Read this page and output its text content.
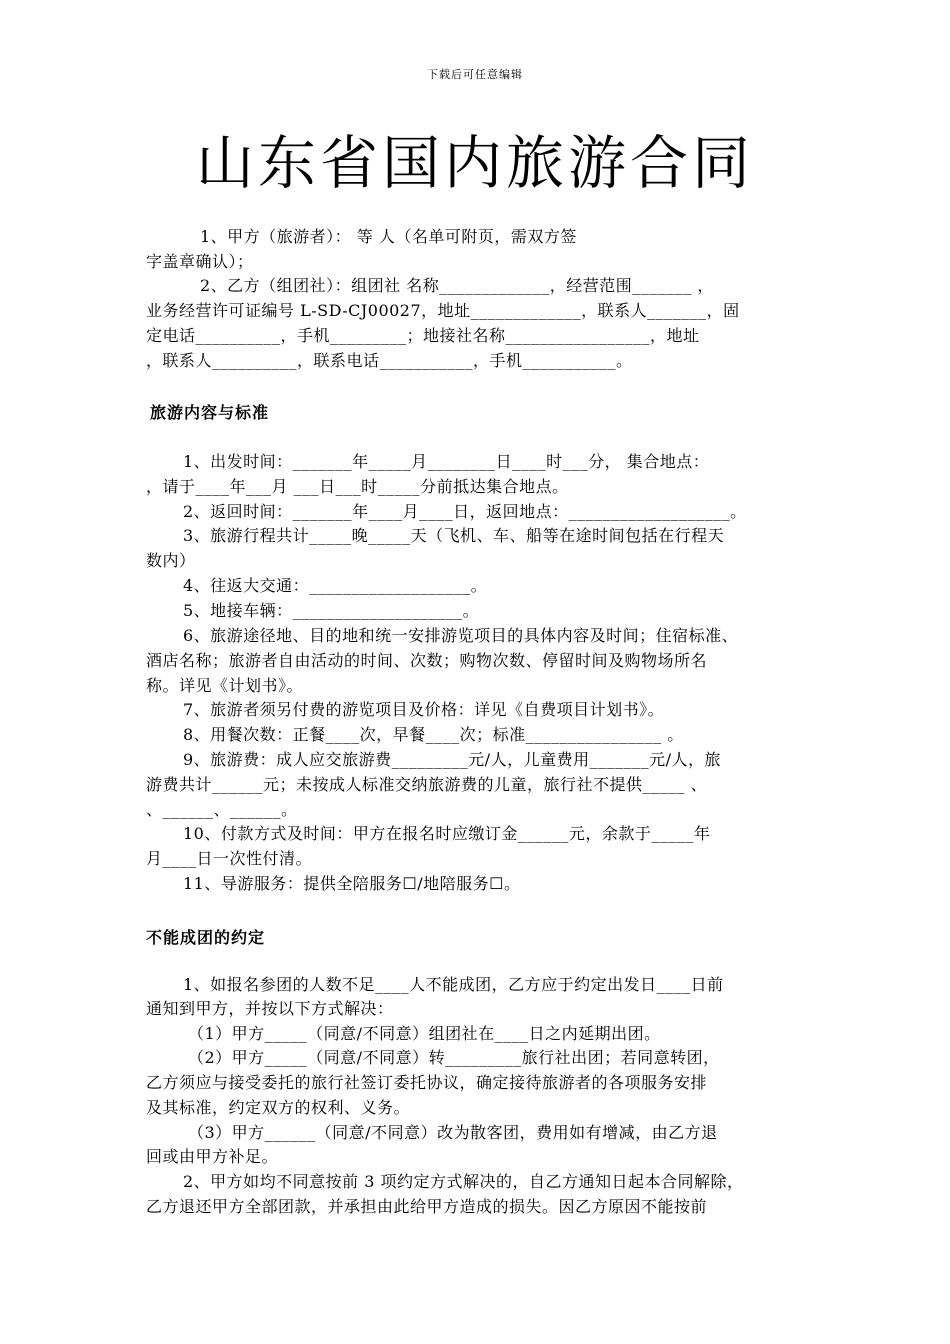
下载后可任意编辑
山东省国内旅游合同
1、甲方（旅游者）： 等 人（名单可附页，需双方签
字盖章确认）；
2、乙方（组团社）：组团社 名称_____________，经营范围_______ ，
业务经营许可证编号 L-SD-CJ00027，地址_____________，联系人_______，固
定电话__________，手机_________；地接社名称_________________，地址
，联系人__________，联系电话___________，手机___________。
旅游内容与标准
1、出发时间：_______年_____月________日____时___分， 集合地点：
，请于____年___月 ___日___时_____分前抵达集合地点。
2、返回时间：_______年____月____日，返回地点：___________________。
3、旅游行程共计_____晚_____天（飞机、车、船等在途时间包括在行程天
数内）
4、往返大交通：___________________。
5、地接车辆：____________________。
6、旅游途径地、目的地和统一安排游览项目的具体内容及时间；住宿标准、
酒店名称；旅游者自由活动的时间、次数；购物次数、停留时间及购物场所名
称。详见《计划书》。
7、旅游者须另付费的游览项目及价格：详见《自费项目计划书》。
8、用餐次数：正餐____次，早餐____次；标准________________ 。
9、旅游费：成人应交旅游费_________元/人，儿童费用_______元/人，旅
游费共计______元；未按成人标准交纳旅游费的儿童，旅行社不提供_____ 、
、______、______。
10、付款方式及时间：甲方在报名时应缴订金______元，余款于_____年
月____日一次性付清。
11、导游服务：提供全陪服务☐/地陪服务☐。
不能成团的约定
1、如报名参团的人数不足____人不能成团，乙方应于约定出发日____日前
通知到甲方，并按以下方式解决：
（1）甲方_____（同意/不同意）组团社在____日之内延期出团。
（2）甲方_____（同意/不同意）转_________旅行社出团；若同意转团，
乙方须应与接受委托的旅行社签订委托协议，确定接待旅游者的各项服务安排
及其标准，约定双方的权利、义务。
（3）甲方______（同意/不同意）改为散客团，费用如有增减，由乙方退
回或由甲方补足。
2、甲方如均不同意按前 3 项约定方式解决的，自乙方通知日起本合同解除，
乙方退还甲方全部团款，并承担由此给甲方造成的损失。因乙方原因不能按前
